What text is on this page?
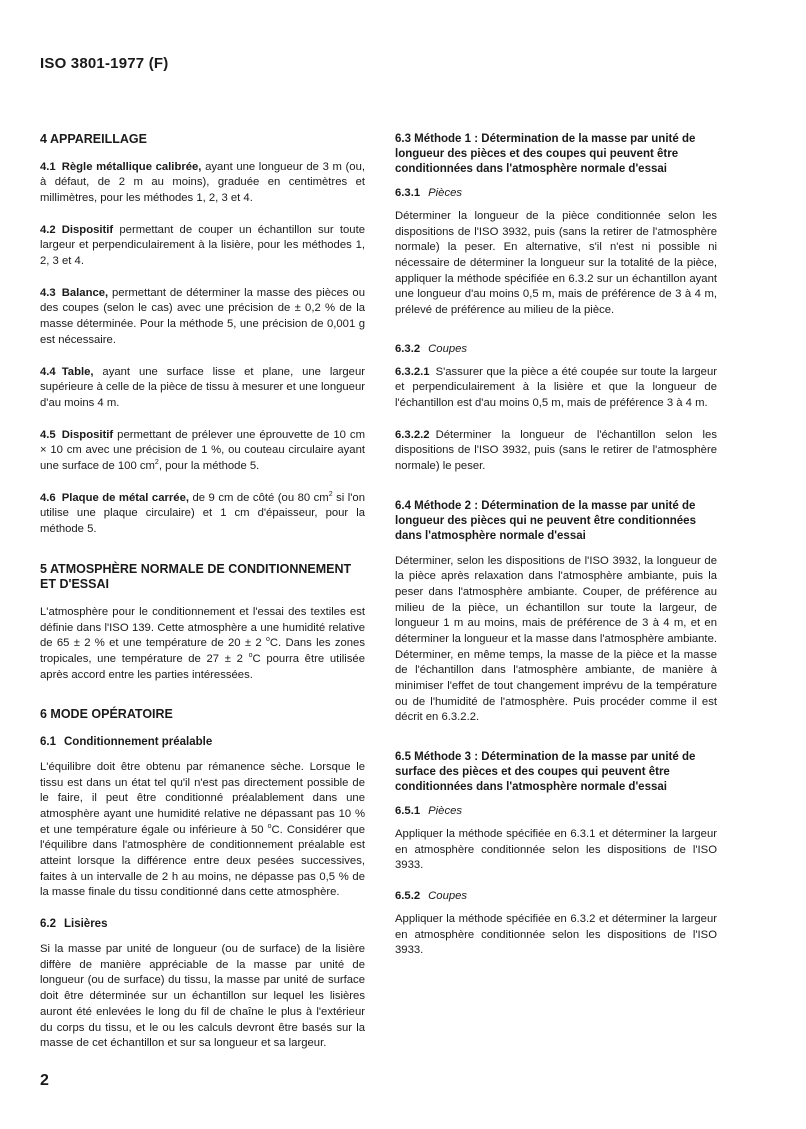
ISO 3801-1977 (F)
4 APPAREILLAGE

4.1 Règle métallique calibrée, ayant une longueur de 3 m (ou, à défaut, de 2 m au moins), graduée en centimètres et millimètres, pour les méthodes 1, 2, 3 et 4.

4.2 Dispositif permettant de couper un échantillon sur toute largeur et perpendiculairement à la lisière, pour les méthodes 1, 2, 3 et 4.

4.3 Balance, permettant de déterminer la masse des pièces ou des coupes (selon le cas) avec une précision de ± 0,2 % de la masse déterminée. Pour la méthode 5, une précision de 0,001 g est nécessaire.

4.4 Table, ayant une surface lisse et plane, une largeur supérieure à celle de la pièce de tissu à mesurer et une longueur d'au moins 4 m.

4.5 Dispositif permettant de prélever une éprouvette de 10 cm × 10 cm avec une précision de 1 %, ou couteau circulaire ayant une surface de 100 $cm^2$, pour la méthode 5.

4.6 Plaque de métal carrée, de 9 cm de côté (ou 80 $cm^2$ si l'on utilise une plaque circulaire) et 1 cm d'épaisseur, pour la méthode 5.

5 ATMOSPHÈRE NORMALE DE CONDITIONNEMENT ET D'ESSAI

L'atmosphère pour le conditionnement et l'essai des textiles est définie dans l'ISO 139. Cette atmosphère a une humidité relative de 65 ± 2 % et une température de 20 ± 2 $^o$C. Dans les zones tropicales, une température de 27 ± 2 $^o$C pourra être utilisée après accord entre les parties intéressées.

6 MODE OPÉRATOIRE
6.1 Conditionnement préalable

L'équilibre doit être obtenu par rémanence sèche. Lorsque le tissu est dans un état tel qu'il n'est pas directement possible de le faire, il peut être conditionné préalablement dans une atmosphère ayant une humidité relative ne dépassant pas 10 % et une température égale ou inférieure à 50 $^o$C. Considérer que l'équilibre dans l'atmosphère de conditionnement préalable est atteint lorsque la différence entre deux pesées successives, faites à un intervalle de 2 h au moins, ne dépasse pas 0,5 % de la masse finale du tissu conditionné dans cette atmosphère.

6.2 Lisières

Si la masse par unité de longueur (ou de surface) de la lisière diffère de manière appréciable de la masse par unité de longueur (ou de surface) du tissu, la masse par unité de surface doit être déterminée sur un échantillon sur lequel les lisières auront été enlevées le long du fil de chaîne le plus à l'extérieur du corps du tissu, et le ou les calculs devront être basés sur la masse de cet échantillon et sur sa longueur et sa largeur.

6.3 Méthode 1 : Détermination de la masse par unité de longueur des pièces et des coupes qui peuvent être conditionnées dans l'atmosphère normale d'essai
6.3.1 Pièces

Déterminer la longueur de la pièce conditionnée selon les dispositions de l'ISO 3932, puis (sans la retirer de l'atmosphère normale) la peser. En alternative, s'il n'est ni possible ni nécessaire de déterminer la longueur sur la totalité de la pièce, appliquer la méthode spécifiée en 6.3.2 sur un échantillon ayant une longueur d'au moins 0,5 m, mais de préférence de 3 à 4 m, prélevé de préférence au milieu de la pièce.

6.3.2 Coupes

6.3.2.1 S'assurer que la pièce a été coupée sur toute la largeur et perpendiculairement à la lisière et que la longueur de l'échantillon est d'au moins 0,5 m, mais de préférence 3 à 4 m.

6.3.2.2 Déterminer la longueur de l'échantillon selon les dispositions de l'ISO 3932, puis (sans le retirer de l'atmosphère normale) le peser.

6.4 Méthode 2 : Détermination de la masse par unité de longueur des pièces qui ne peuvent être conditionnées dans l'atmosphère normale d'essai

Déterminer, selon les dispositions de l'ISO 3932, la longueur de la pièce après relaxation dans l'atmosphère ambiante, puis la peser dans l'atmosphère ambiante. Couper, de préférence au milieu de la pièce, un échantillon sur toute la largeur, de longueur 1 m au moins, mais de préférence de 3 à 4 m, et en déterminer la longueur et la masse dans l'atmosphère ambiante. Déterminer, en même temps, la masse de la pièce et la masse de l'échantillon dans l'atmosphère ambiante, de manière à minimiser l'effet de tout changement imprévu de la température ou de l'humidité de l'atmosphère. Puis procéder comme il est décrit en 6.3.2.2.

6.5 Méthode 3 : Détermination de la masse par unité de surface des pièces et des coupes qui peuvent être conditionnées dans l'atmosphère normale d'essai
6.5.1 Pièces

Appliquer la méthode spécifiée en 6.3.1 et déterminer la largeur en atmosphère conditionnée selon les dispositions de l'ISO 3933.

6.5.2 Coupes

Appliquer la méthode spécifiée en 6.3.2 et déterminer la largeur en atmosphère conditionnée selon les dispositions de l'ISO 3933.

2
